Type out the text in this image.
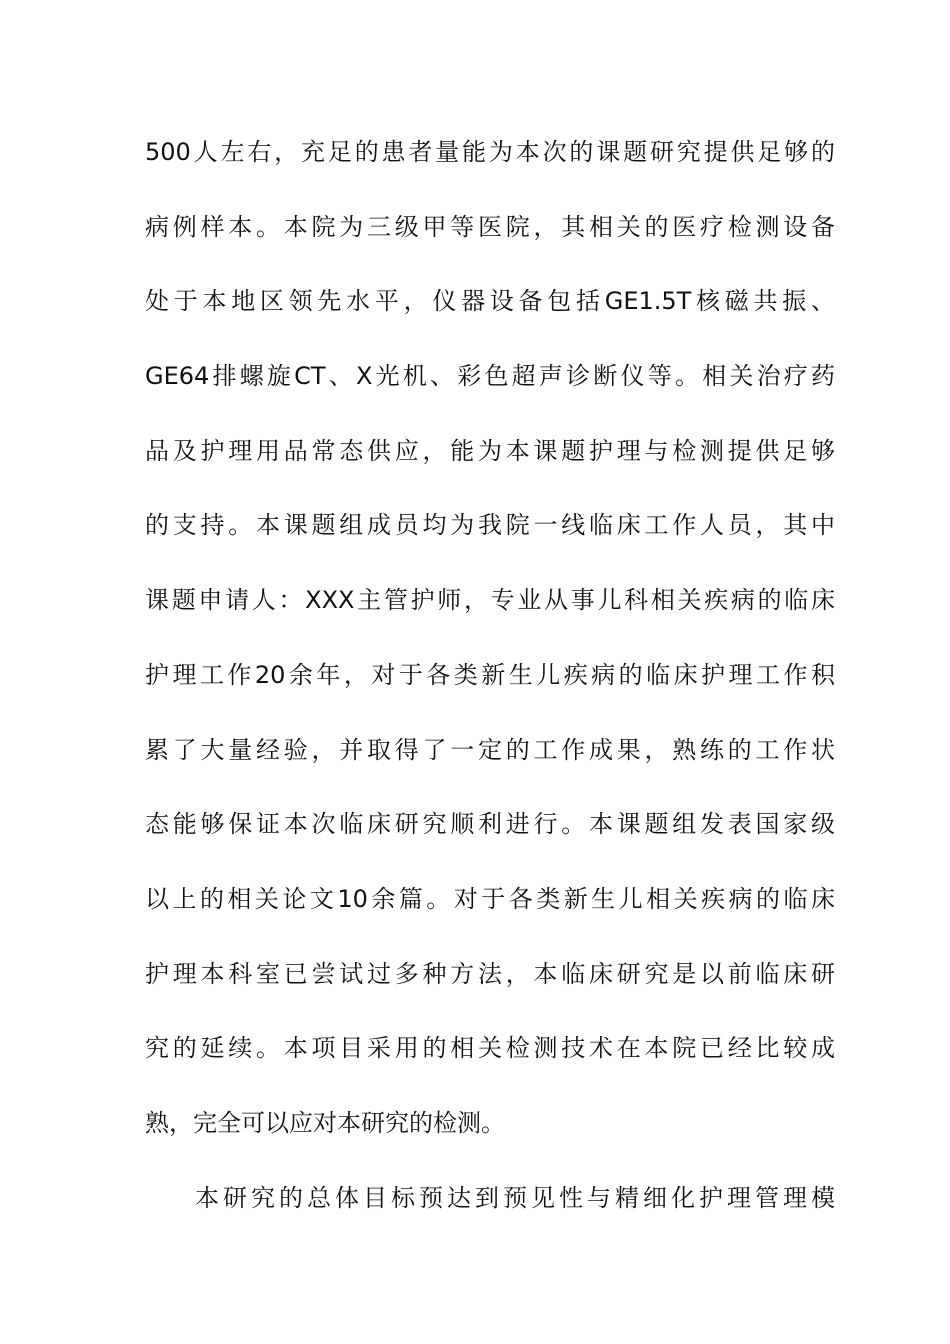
500人左右，充足的患者量能为本次的课题研究提供足够的
病例样本。本院为三级甲等医院，其相关的医疗检测设备
处于本地区领先水平，仪器设备包括GE1.5T核磁共振、
GE64排螺旋CT、X光机、彩色超声诊断仪等。相关治疗药
品及护理用品常态供应，能为本课题护理与检测提供足够
的支持。本课题组成员均为我院一线临床工作人员，其中
课题申请人：XXX主管护师，专业从事儿科相关疾病的临床
护理工作20余年，对于各类新生儿疾病的临床护理工作积
累了大量经验，并取得了一定的工作成果，熟练的工作状
态能够保证本次临床研究顺利进行。本课题组发表国家级
以上的相关论文10余篇。对于各类新生儿相关疾病的临床
护理本科室已尝试过多种方法，本临床研究是以前临床研
究的延续。本项目采用的相关检测技术在本院已经比较成
熟，完全可以应对本研究的检测。
本研究的总体目标预达到预见性与精细化护理管理模
